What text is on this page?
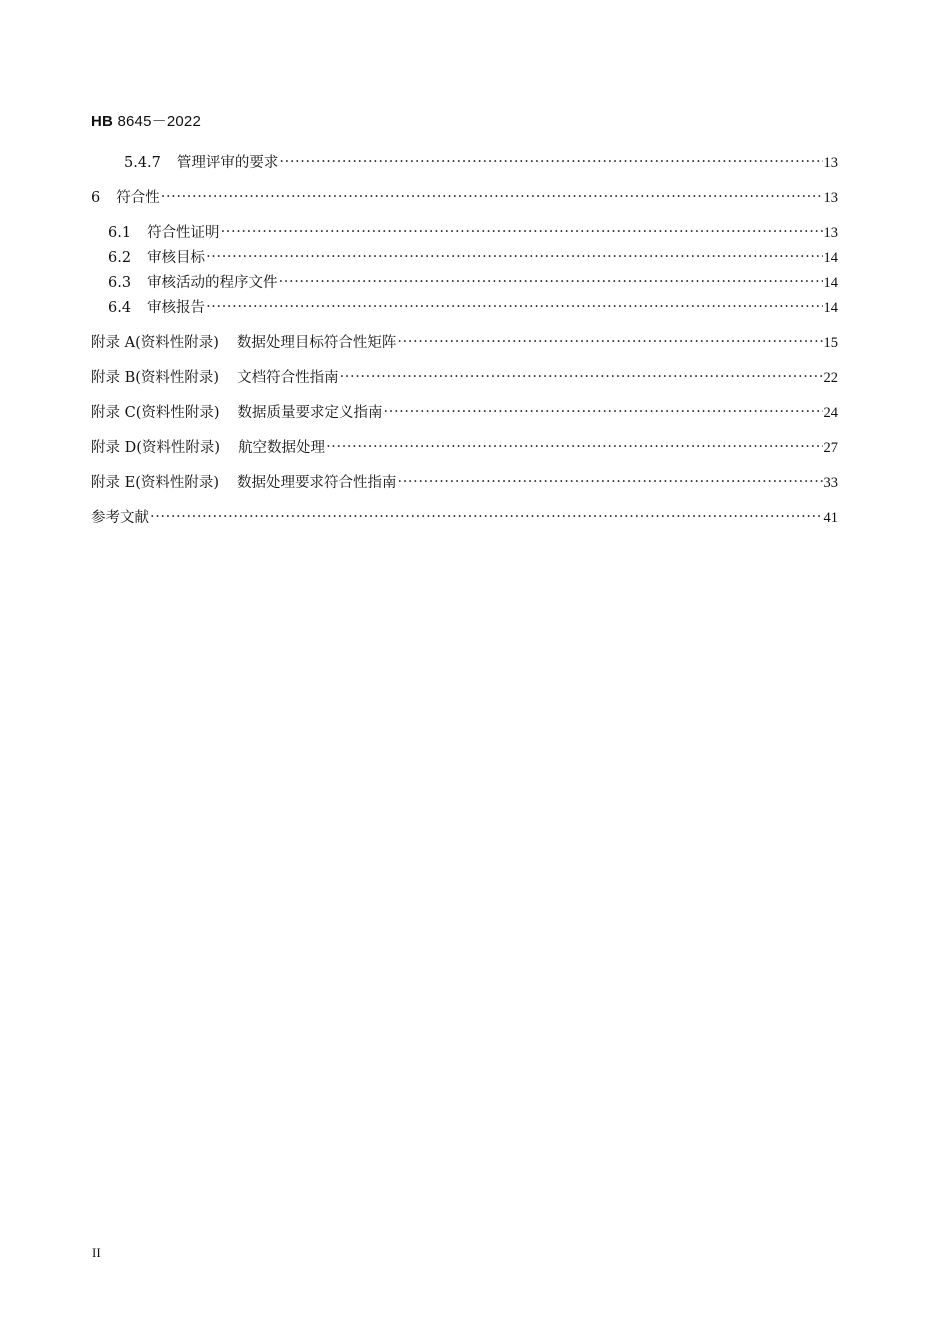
HB 8645－2022
5.4.7 管理评审的要求 ·····	13
6 符合性 ·····	13
6.1 符合性证明 ·····	13
6.2 审核目标 ·····	14
6.3 审核活动的程序文件 ·····	14
6.4 审核报告 ·····	14
附录 A(资料性附录) 数据处理目标符合性矩阵 ·····	15
附录 B(资料性附录) 文档符合性指南 ·····	22
附录 C(资料性附录) 数据质量要求定义指南 ·····	24
附录 D(资料性附录) 航空数据处理 ·····	27
附录 E(资料性附录) 数据处理要求符合性指南 ·····	33
参考文献 ·····	41
II
